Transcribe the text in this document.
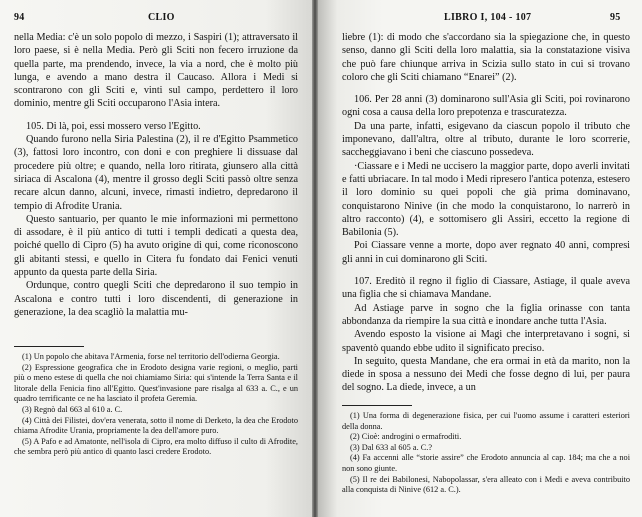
94	CLIO

nella Media: c'è un solo popolo di mezzo, i Saspiri (1); attraversato il loro paese, si è nella Media. Però gli Sciti non fecero irruzione da quella parte, ma prendendo, invece, la via a nord, che è molto più lunga, e avendo a mano destra il Caucaso. Allora i Medi si scontrarono con gli Sciti e, vinti sul campo, perdettero il loro dominio, mentre gli Sciti occuparono l'Asia intera.

105. Di là, poi, essi mossero verso l'Egitto.

Quando furono nella Siria Palestina (2), il re d'Egitto Psammetico (3), fattosi loro incontro, con doni e con preghiere li dissuase dal procedere più oltre; e quando, nella loro ritirata, giunsero alla città siriaca di Ascalona (4), mentre il grosso degli Sciti passò oltre senza recare alcun danno, alcuni, invece, rimasti indietro, depredarono il tempio di Afrodite Urania.

Questo santuario, per quanto le mie informazioni mi permettono di assodare, è il più antico di tutti i templi dedicati a questa dea, poiché quello di Cipro (5) ha avuto origine di qui, come riconoscono gli abitanti stessi, e quello in Citera fu fondato dai Fenici venuti appunto da questa parte della Siria.

Ordunque, contro quegli Sciti che depredarono il suo tempio in Ascalona e contro tutti i loro discendenti, di generazione in generazione, la dea scagliò la malattia mu-

(1) Un popolo che abitava l'Armenia, forse nel territorio dell'odierna Georgia.

(2) Espressione geografica che in Erodoto designa varie regioni, o meglio, parti più o meno estese di quella che noi chiamiamo Siria: qui s'intende la Terra Santa e il litorale della Fenicia fino all'Egitto. Quest'invasione pare risalga al 633 a. C., e un quadro terrificante ce ne ha lasciato il profeta Geremia.

(3) Regnò dal 663 al 610 a. C.

(4) Città dei Filistei, dov'era venerata, sotto il nome di Derketo, la dea che Erodoto chiama Afrodite Urania, propriamente la dea dell'amore puro.

(5) A Pafo e ad Amatonte, nell'isola di Cipro, era molto diffuso il culto di Afrodite, che sembra però più antico di quanto lasci credere Erodoto.

LIBRO I, 104 - 107	95

liebre (1): di modo che s'accordano sia la spiegazione che, in questo senso, danno gli Sciti della loro malattia, sia la constatazione visiva che può fare chiunque arriva in Scizia sullo stato in cui si trovano coloro che gli Sciti chiamano “Enarei” (2).

106. Per 28 anni (3) dominarono sull'Asia gli Sciti, poi rovinarono ogni cosa a causa della loro prepotenza e trascuratezza.

Da una parte, infatti, esigevano da ciascun popolo il tributo che imponevano, dall'altra, oltre al tributo, durante le loro scorrerie, saccheggiavano i beni che ciascuno possedeva.

·Ciassare e i Medi ne uccisero la maggior parte, dopo averli invitati e fatti ubriacare. In tal modo i Medi ripresero l'antica potenza, estesero il loro dominio su quei popoli che già prima dominavano, conquistarono Ninive (in che modo la conquistarono, lo narrerò in altro racconto) (4), e sottomisero gli Assiri, eccetto la regione di Babilonia (5).

Poi Ciassare venne a morte, dopo aver regnato 40 anni, compresi gli anni in cui dominarono gli Sciti.

107. Ereditò il regno il figlio di Ciassare, Astiage, il quale aveva una figlia che si chiamava Mandane.

Ad Astiage parve in sogno che la figlia orinasse con tanta abbondanza da riempire la sua città e inondare anche tutta l'Asia.

Avendo esposto la visione ai Magi che interpretavano i sogni, si spaventò quando ebbe udito il significato preciso.

In seguito, questa Mandane, che era ormai in età da marito, non la diede in sposa a nessuno dei Medi che fosse degno di lui, per paura del sogno. La diede, invece, a un

(1) Una forma di degenerazione fisica, per cui l'uomo assume i caratteri esteriori della donna.

(2) Cioè: androgini o ermafroditi.

(3) Dal 633 al 605 a. C.?

(4) Fa accenni alle “storie assire” che Erodoto annuncia al cap. 184; ma che a noi non sono giunte.

(5) Il re dei Babilonesi, Nabopolassar, s'era alleato con i Medi e aveva contribuito alla conquista di Ninive (612 a. C.).
